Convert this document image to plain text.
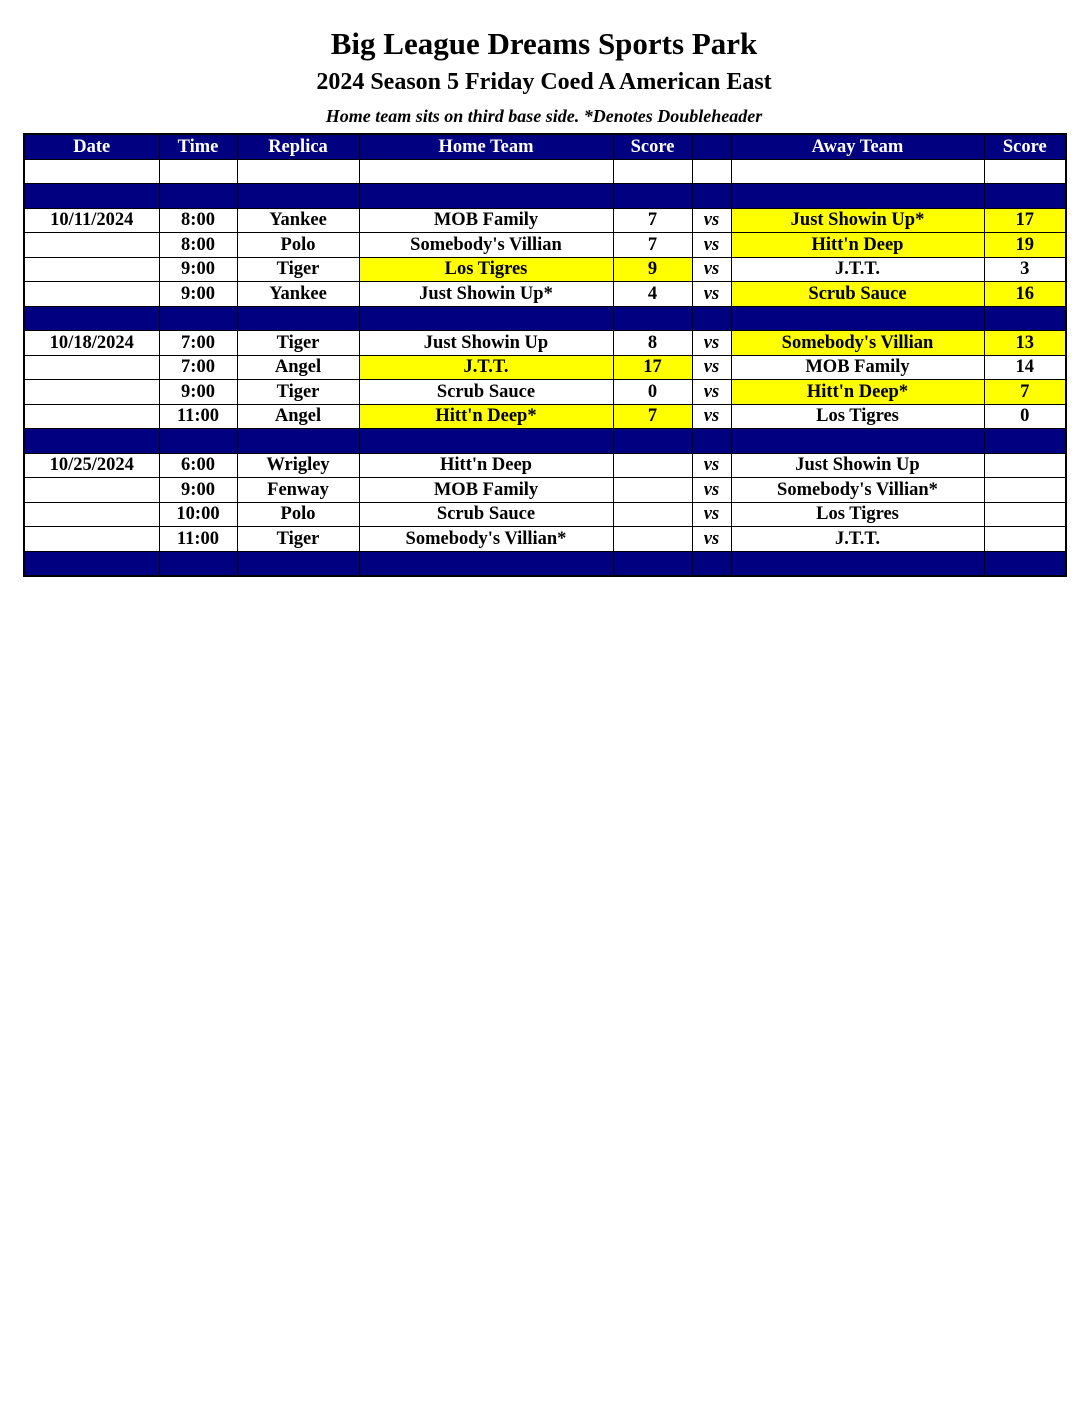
Big League Dreams Sports Park
2024 Season 5 Friday Coed A American East
Home team sits on third base side. *Denotes Doubleheader
Date	Time	Replica	Home Team	Score		Away Team	Score

10/11/2024	8:00	Yankee	MOB Family	7	vs	Just Showin Up*	17
	8:00	Polo	Somebody's Villian	7	vs	Hitt'n Deep	19
	9:00	Tiger	Los Tigres	9	vs	J.T.T.	3
	9:00	Yankee	Just Showin Up*	4	vs	Scrub Sauce	16

10/18/2024	7:00	Tiger	Just Showin Up	8	vs	Somebody's Villian	13
	7:00	Angel	J.T.T.	17	vs	MOB Family	14
	9:00	Tiger	Scrub Sauce	0	vs	Hitt'n Deep*	7
	11:00	Angel	Hitt'n Deep*	7	vs	Los Tigres	0

10/25/2024	6:00	Wrigley	Hitt'n Deep		vs	Just Showin Up	
	9:00	Fenway	MOB Family		vs	Somebody's Villian*	
	10:00	Polo	Scrub Sauce		vs	Los Tigres	
	11:00	Tiger	Somebody's Villian*		vs	J.T.T.	
